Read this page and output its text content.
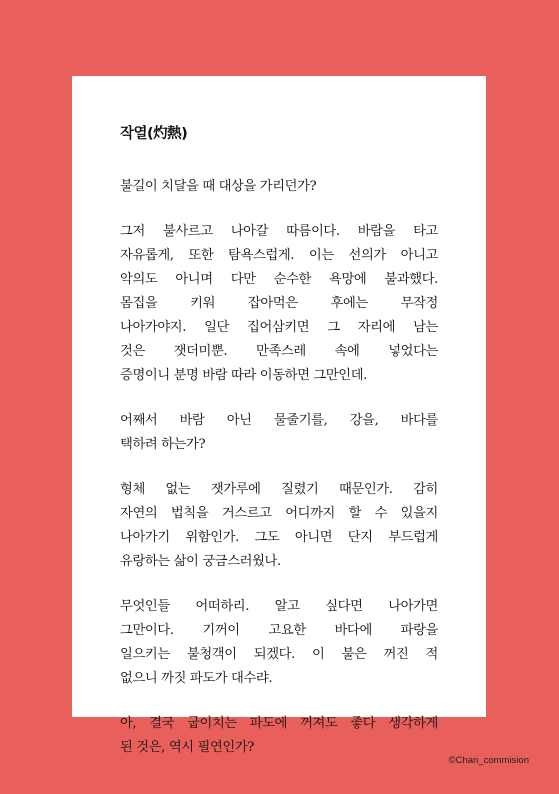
작열(灼熱)
불길이 치달을 때 대상을 가리던가?
그저 불사르고 나아갈 따름이다. 바람을 타고
자유롭게, 또한 탐욕스럽게. 이는 선의가 아니고
악의도 아니며 다만 순수한 욕망에 불과했다.
몸집을 키워 잡아먹은 후에는 무작정
나아가야지. 일단 집어삼키면 그 자리에 남는
것은 잿더미뿐. 만족스레 속에 넣었다는
증명이니 분명 바람 따라 이동하면 그만인데.
어째서 바람 아닌 물줄기를, 강을, 바다를
택하려 하는가?
형체 없는 잿가루에 질렸기 때문인가. 감히
자연의 법칙을 거스르고 어디까지 할 수 있을지
나아가기 위함인가. 그도 아니면 단지 부드럽게
유랑하는 삶이 궁금스러웠나.
무엇인들 어떠하리. 알고 싶다면 나아가면
그만이다. 기꺼이 고요한 바다에 파랑을
일으키는 불청객이 되겠다. 이 불은 꺼진 적
없으니 까짓 파도가 대수랴.
아, 결국 굽이치는 파도에 꺼져도 좋다 생각하게
된 것은, 역시 필연인가?
©Chan_commision
